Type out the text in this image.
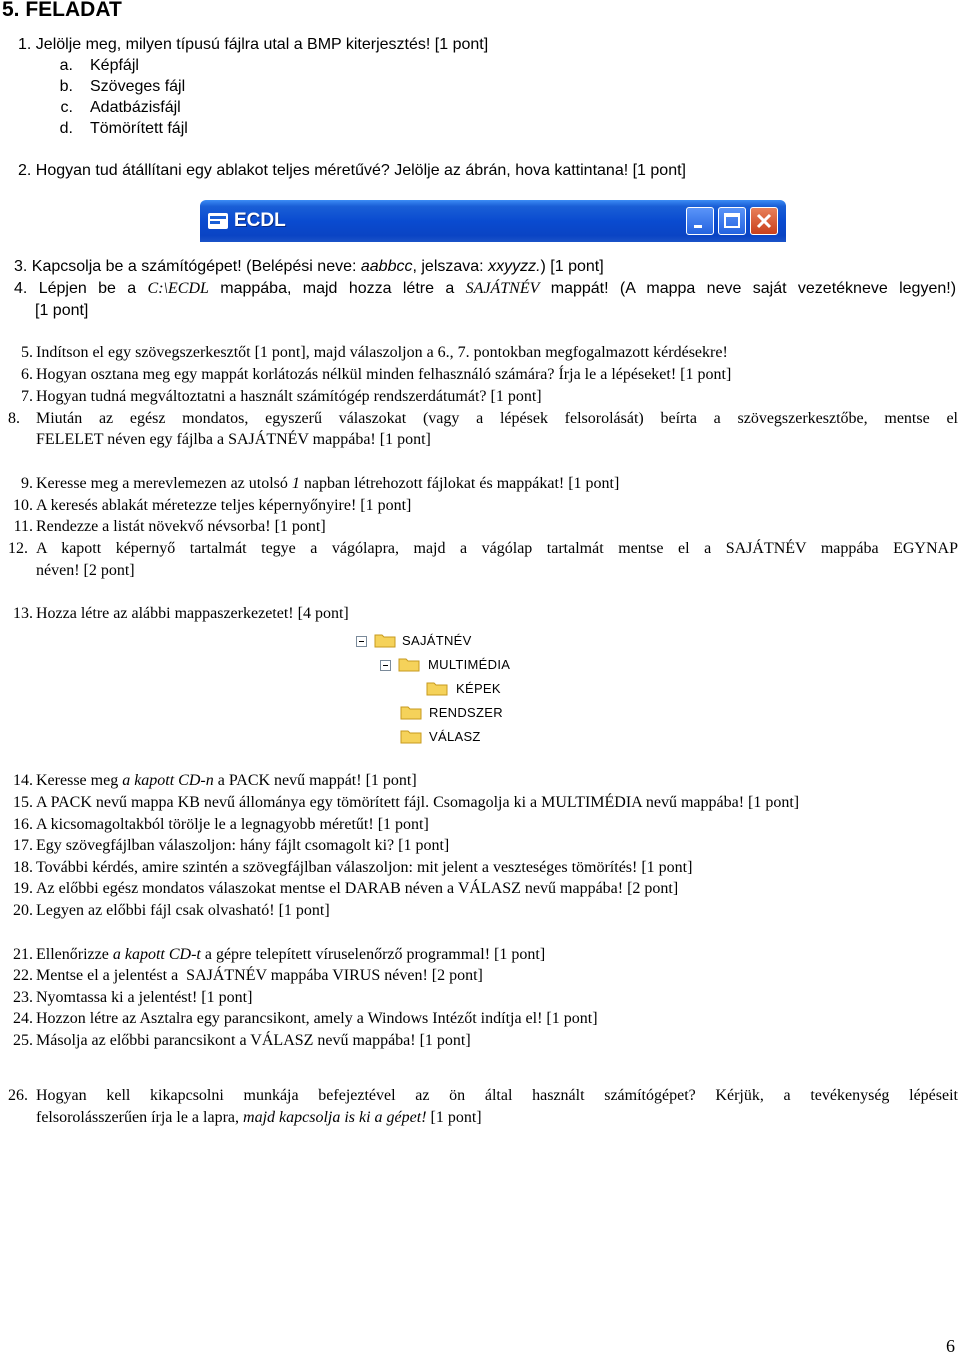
5. FELADAT
1. Jelölje meg, milyen típusú fájlra utal a BMP kiterjesztés! [1 pont]
a. Képfájl
b. Szöveges fájl
c. Adatbázisfájl
d. Tömörített fájl
2. Hogyan tud átállítani egy ablakot teljes méretűvé? Jelölje az ábrán, hova kattintana! [1 pont]
ECDL
3. Kapcsolja be a számítógépet! (Belépési neve: aabbcc, jelszava: xxyyzz.) [1 pont]
4. Lépjen be a C:\ECDL mappába, majd hozza létre a SAJÁTNÉV mappát! (A mappa neve saját vezetékneve legyen!)
[1 pont]
5. Indítson el egy szövegszerkesztőt [1 pont], majd válaszoljon a 6., 7. pontokban megfogalmazott kérdésekre!
6. Hogyan osztana meg egy mappát korlátozás nélkül minden felhasználó számára? Írja le a lépéseket! [1 pont]
7. Hogyan tudná megváltoztatni a használt számítógép rendszerdátumát? [1 pont]
8. Miután az egész mondatos, egyszerű válaszokat (vagy a lépések felsorolását) beírta a szövegszerkesztőbe, mentse el
FELELET néven egy fájlba a SAJÁTNÉV mappába! [1 pont]
9. Keresse meg a merevlemezen az utolsó 1 napban létrehozott fájlokat és mappákat! [1 pont]
10. A keresés ablakát méretezze teljes képernyőnyire! [1 pont]
11. Rendezze a listát növekvő névsorba! [1 pont]
12. A kapott képernyő tartalmát tegye a vágólapra, majd a vágólap tartalmát mentse el a SAJÁTNÉV mappába EGYNAP
néven! [2 pont]
13. Hozza létre az alábbi mappaszerkezetet! [4 pont]
SAJÁTNÉV
MULTIMÉDIA
KÉPEK
RENDSZER
VÁLASZ
14. Keresse meg a kapott CD-n a PACK nevű mappát! [1 pont]
15. A PACK nevű mappa KB nevű állománya egy tömörített fájl. Csomagolja ki a MULTIMÉDIA nevű mappába! [1 pont]
16. A kicsomagoltakból törölje le a legnagyobb méretűt! [1 pont]
17. Egy szövegfájlban válaszoljon: hány fájlt csomagolt ki? [1 pont]
18. További kérdés, amire szintén a szövegfájlban válaszoljon: mit jelent a veszteséges tömörítés! [1 pont]
19. Az előbbi egész mondatos válaszokat mentse el DARAB néven a VÁLASZ nevű mappába! [2 pont]
20. Legyen az előbbi fájl csak olvasható! [1 pont]
21. Ellenőrizze a kapott CD-t a gépre telepített víruselenőrző programmal! [1 pont]
22. Mentse el a jelentést a  SAJÁTNÉV mappába VIRUS néven! [2 pont]
23. Nyomtassa ki a jelentést! [1 pont]
24. Hozzon létre az Asztalra egy parancsikont, amely a Windows Intézőt indítja el! [1 pont]
25. Másolja az előbbi parancsikont a VÁLASZ nevű mappába! [1 pont]
26. Hogyan kell kikapcsolni munkája befejeztével az ön által használt számítógépet? Kérjük, a tevékenység lépéseit
felsorolásszerűen írja le a lapra, majd kapcsolja is ki a gépet! [1 pont]
6
